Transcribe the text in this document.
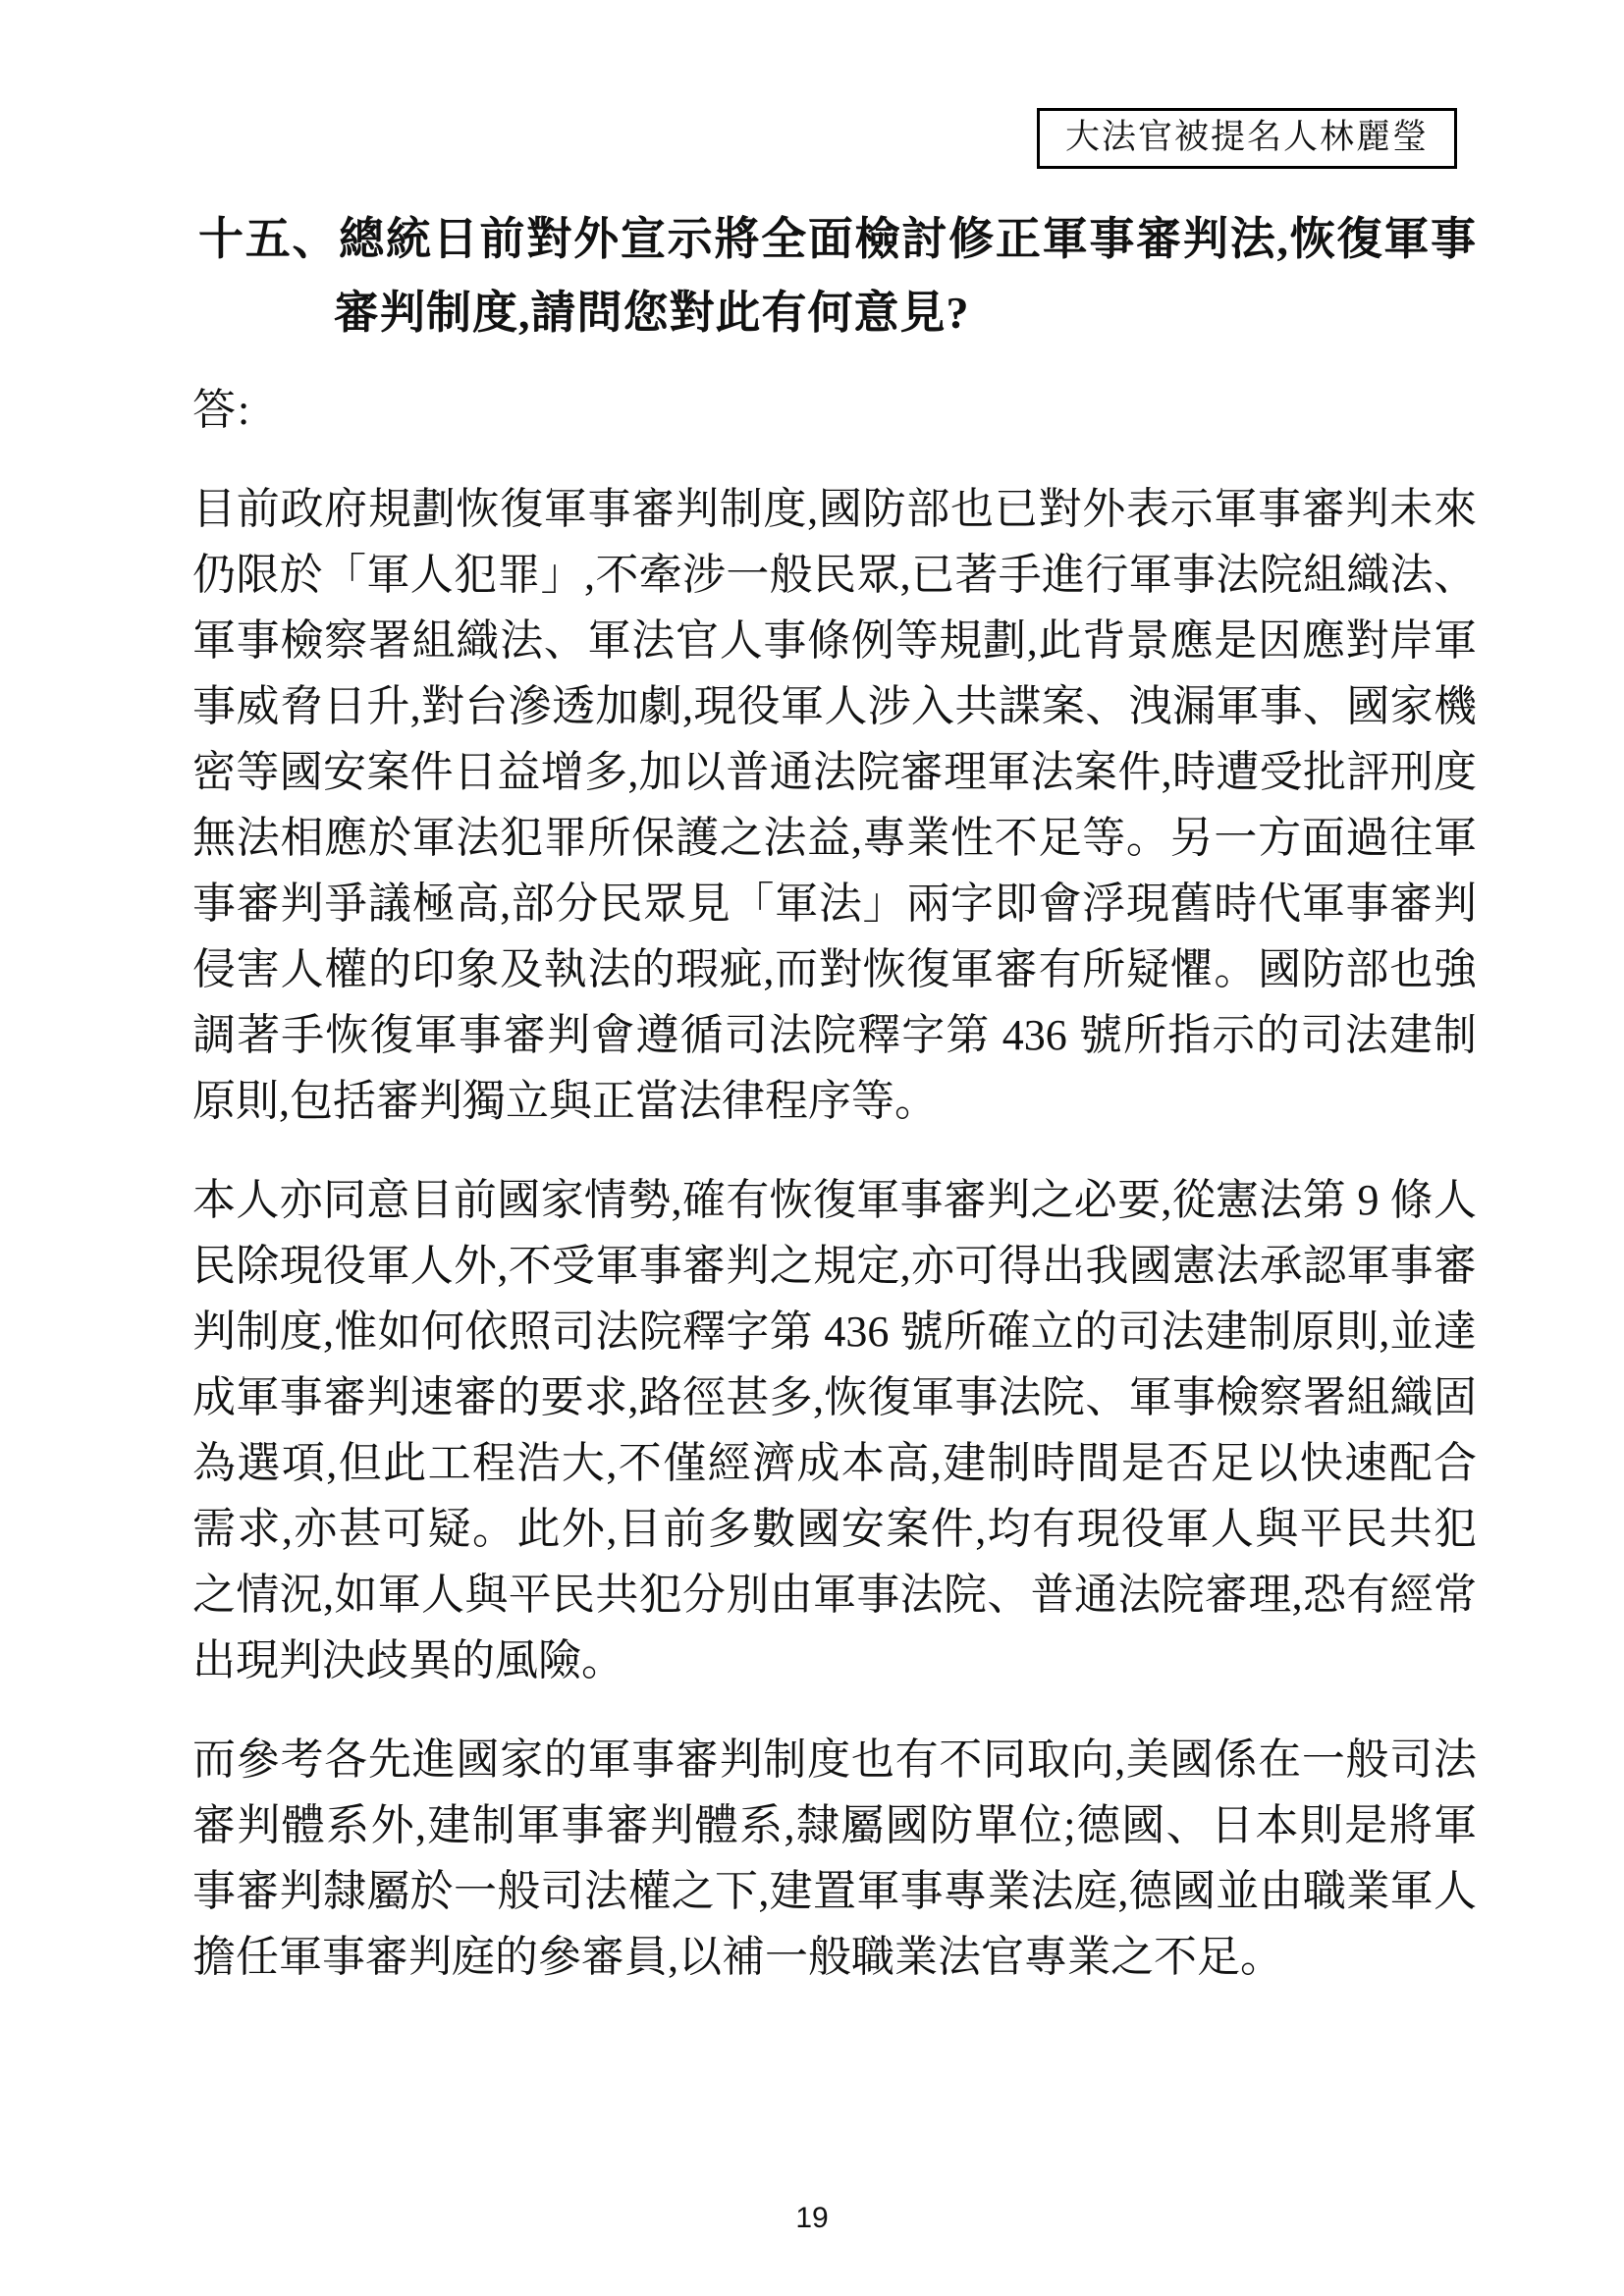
大法官被提名人林麗瑩
十五、總統日前對外宣示將全面檢討修正軍事審判法,恢復軍事審判制度,請問您對此有何意見?
答:

目前政府規劃恢復軍事審判制度,國防部也已對外表示軍事審判未來仍限於「軍人犯罪」,不牽涉一般民眾,已著手進行軍事法院組織法、軍事檢察署組織法、軍法官人事條例等規劃,此背景應是因應對岸軍事威脅日升,對台滲透加劇,現役軍人涉入共諜案、洩漏軍事、國家機密等國安案件日益增多,加以普通法院審理軍法案件,時遭受批評刑度無法相應於軍法犯罪所保護之法益,專業性不足等。另一方面過往軍事審判爭議極高,部分民眾見「軍法」兩字即會浮現舊時代軍事審判侵害人權的印象及執法的瑕疵,而對恢復軍審有所疑懼。國防部也強調著手恢復軍事審判會遵循司法院釋字第 436 號所指示的司法建制原則,包括審判獨立與正當法律程序等。

本人亦同意目前國家情勢,確有恢復軍事審判之必要,從憲法第 9 條人民除現役軍人外,不受軍事審判之規定,亦可得出我國憲法承認軍事審判制度,惟如何依照司法院釋字第 436 號所確立的司法建制原則,並達成軍事審判速審的要求,路徑甚多,恢復軍事法院、軍事檢察署組織固為選項,但此工程浩大,不僅經濟成本高,建制時間是否足以快速配合需求,亦甚可疑。此外,目前多數國安案件,均有現役軍人與平民共犯之情況,如軍人與平民共犯分別由軍事法院、普通法院審理,恐有經常出現判決歧異的風險。

而參考各先進國家的軍事審判制度也有不同取向,美國係在一般司法審判體系外,建制軍事審判體系,隸屬國防單位;德國、日本則是將軍事審判隸屬於一般司法權之下,建置軍事專業法庭,德國並由職業軍人擔任軍事審判庭的參審員,以補一般職業法官專業之不足。

19
